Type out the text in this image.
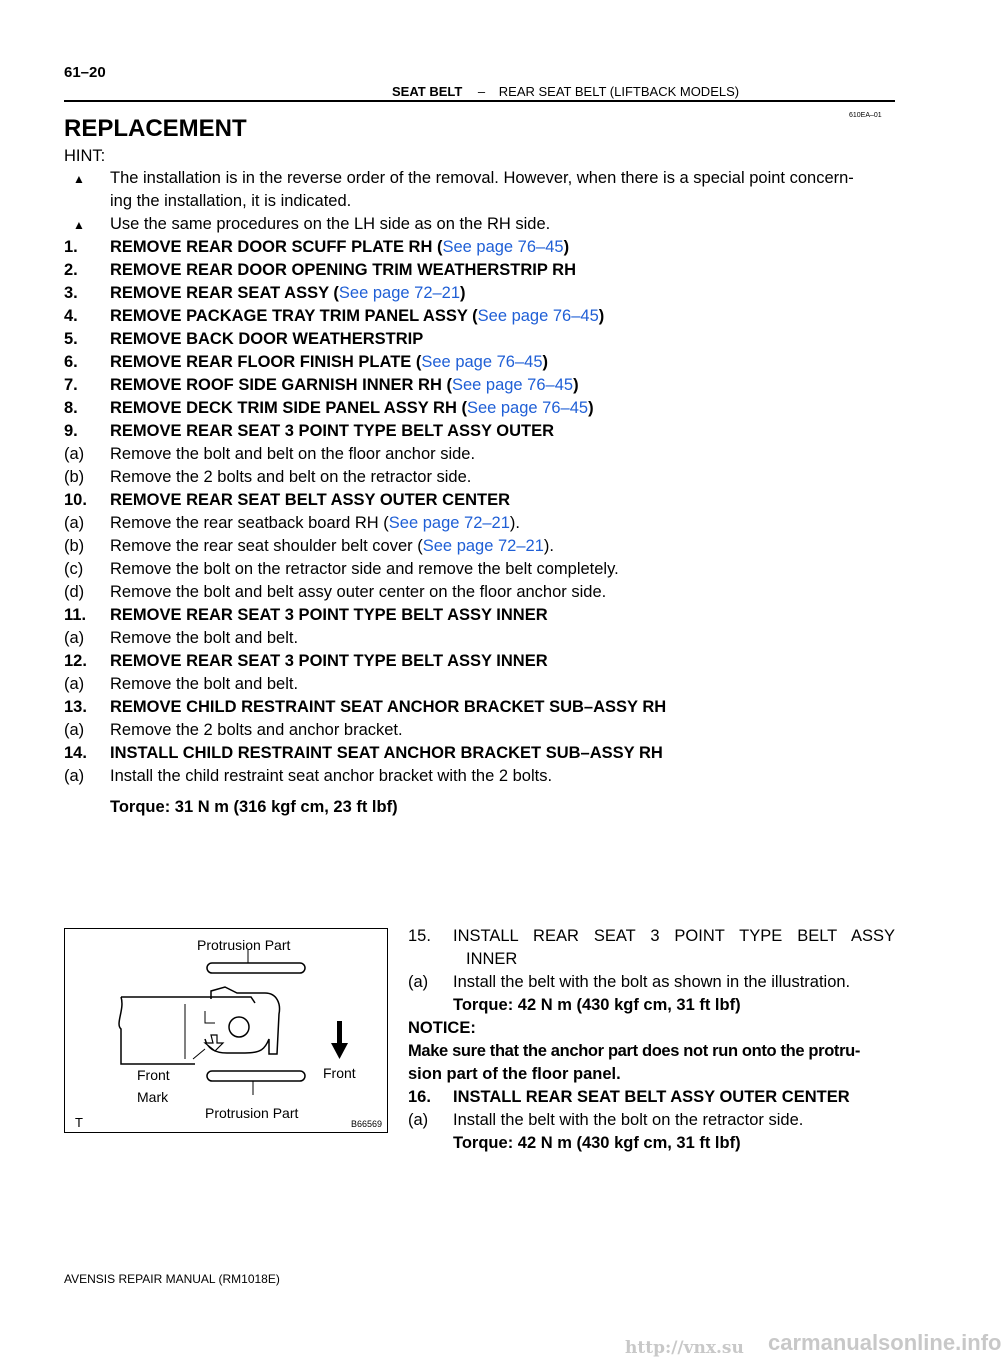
61–20
SEAT BELT – REAR SEAT BELT (LIFTBACK MODELS)
610EA–01
REPLACEMENT
HINT:
▲ The installation is in the reverse order of the removal. However, when there is a special point concern-
ing the installation, it is indicated.
▲ Use the same procedures on the LH side as on the RH side.
1. REMOVE REAR DOOR SCUFF PLATE RH (See page 76–45)
2. REMOVE REAR DOOR OPENING TRIM WEATHERSTRIP RH
3. REMOVE REAR SEAT ASSY (See page 72–21)
4. REMOVE PACKAGE TRAY TRIM PANEL ASSY (See page 76–45)
5. REMOVE BACK DOOR WEATHERSTRIP
6. REMOVE REAR FLOOR FINISH PLATE (See page 76–45)
7. REMOVE ROOF SIDE GARNISH INNER RH (See page 76–45)
8. REMOVE DECK TRIM SIDE PANEL ASSY RH (See page 76–45)
9. REMOVE REAR SEAT 3 POINT TYPE BELT ASSY OUTER
(a) Remove the bolt and belt on the floor anchor side.
(b) Remove the 2 bolts and belt on the retractor side.
10. REMOVE REAR SEAT BELT ASSY OUTER CENTER
(a) Remove the rear seatback board RH (See page 72–21).
(b) Remove the rear seat shoulder belt cover (See page 72–21).
(c) Remove the bolt on the retractor side and remove the belt completely.
(d) Remove the bolt and belt assy outer center on the floor anchor side.
11. REMOVE REAR SEAT 3 POINT TYPE BELT ASSY INNER
(a) Remove the bolt and belt.
12. REMOVE REAR SEAT 3 POINT TYPE BELT ASSY INNER
(a) Remove the bolt and belt.
13. REMOVE CHILD RESTRAINT SEAT ANCHOR BRACKET SUB–ASSY RH
(a) Remove the 2 bolts and anchor bracket.
14. INSTALL CHILD RESTRAINT SEAT ANCHOR BRACKET SUB–ASSY RH
(a) Install the child restraint seat anchor bracket with the 2 bolts.
Torque: 31 N m (316 kgf cm, 23 ft lbf)
Protrusion Part
Front
Front
Mark
Protrusion Part
T	B66569
15. INSTALL REAR SEAT 3 POINT TYPE BELT ASSY
INNER
(a) Install the belt with the bolt as shown in the illustration.
Torque: 42 N m (430 kgf cm, 31 ft lbf)
NOTICE:
Make sure that the anchor part does not run onto the protru-
sion part of the floor panel.
16. INSTALL REAR SEAT BELT ASSY OUTER CENTER
(a) Install the belt with the bolt on the retractor side.
Torque: 42 N m (430 kgf cm, 31 ft lbf)
AVENSIS REPAIR MANUAL (RM1018E)
http://vnx.su carmanualsonline.info
